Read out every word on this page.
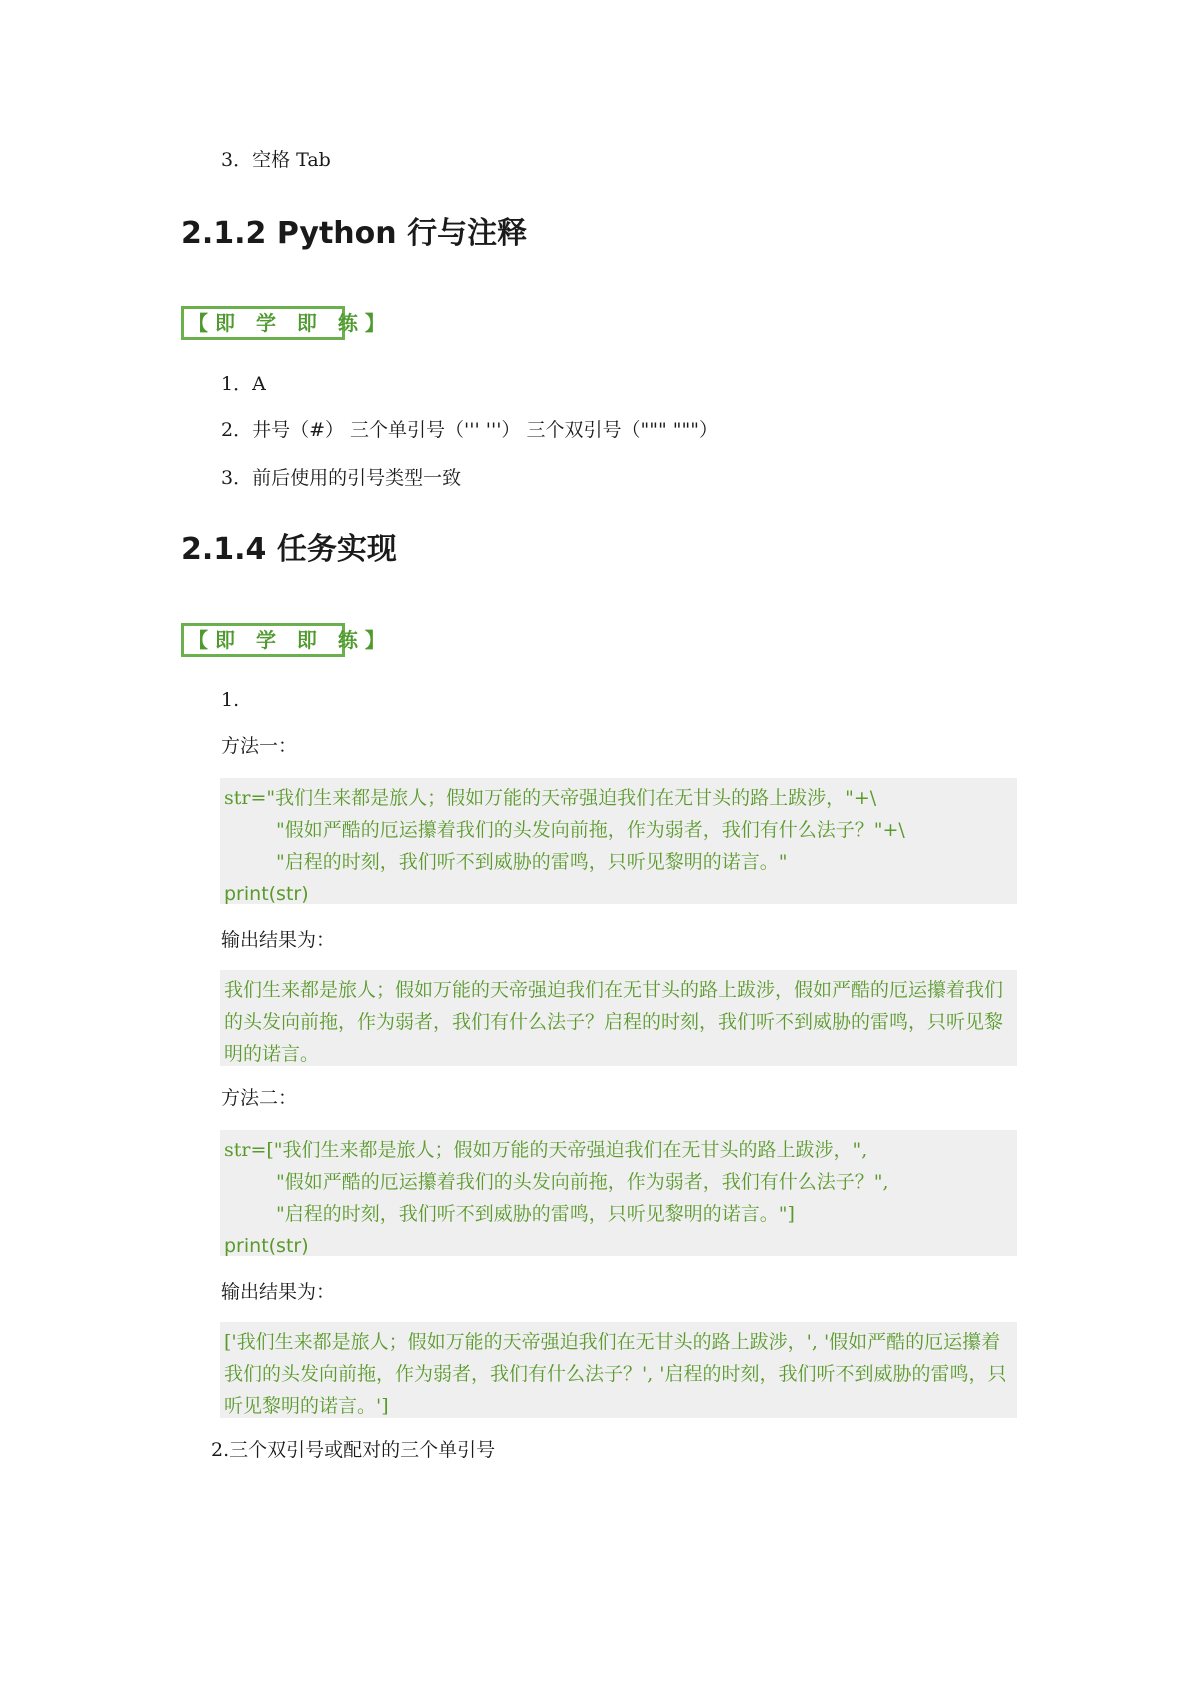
3．空格 Tab
2.1.2 Python 行与注释
【即 学 即 练】
1．A
2．井号（#） 三个单引号（''' '''） 三个双引号（""" """）
3．前后使用的引号类型一致
2.1.4 任务实现
【即 学 即 练】
1.
方法一：
str="我们生来都是旅人；假如万能的天帝强迫我们在无甘头的路上跋涉，"+\
"假如严酷的厄运攥着我们的头发向前拖，作为弱者，我们有什么法子？"+\
"启程的时刻，我们听不到威胁的雷鸣，只听见黎明的诺言。"
print(str)
输出结果为：
我们生来都是旅人；假如万能的天帝强迫我们在无甘头的路上跋涉，假如严酷的厄运攥着我们的头发向前拖，作为弱者，我们有什么法子？启程的时刻，我们听不到威胁的雷鸣，只听见黎明的诺言。
方法二：
str=["我们生来都是旅人；假如万能的天帝强迫我们在无甘头的路上跋涉，",
"假如严酷的厄运攥着我们的头发向前拖，作为弱者，我们有什么法子？",
"启程的时刻，我们听不到威胁的雷鸣，只听见黎明的诺言。"]
print(str)
输出结果为：
['我们生来都是旅人；假如万能的天帝强迫我们在无甘头的路上跋涉，', '假如严酷的厄运攥着我们的头发向前拖，作为弱者，我们有什么法子？', '启程的时刻，我们听不到威胁的雷鸣，只听见黎明的诺言。']
2.三个双引号或配对的三个单引号
